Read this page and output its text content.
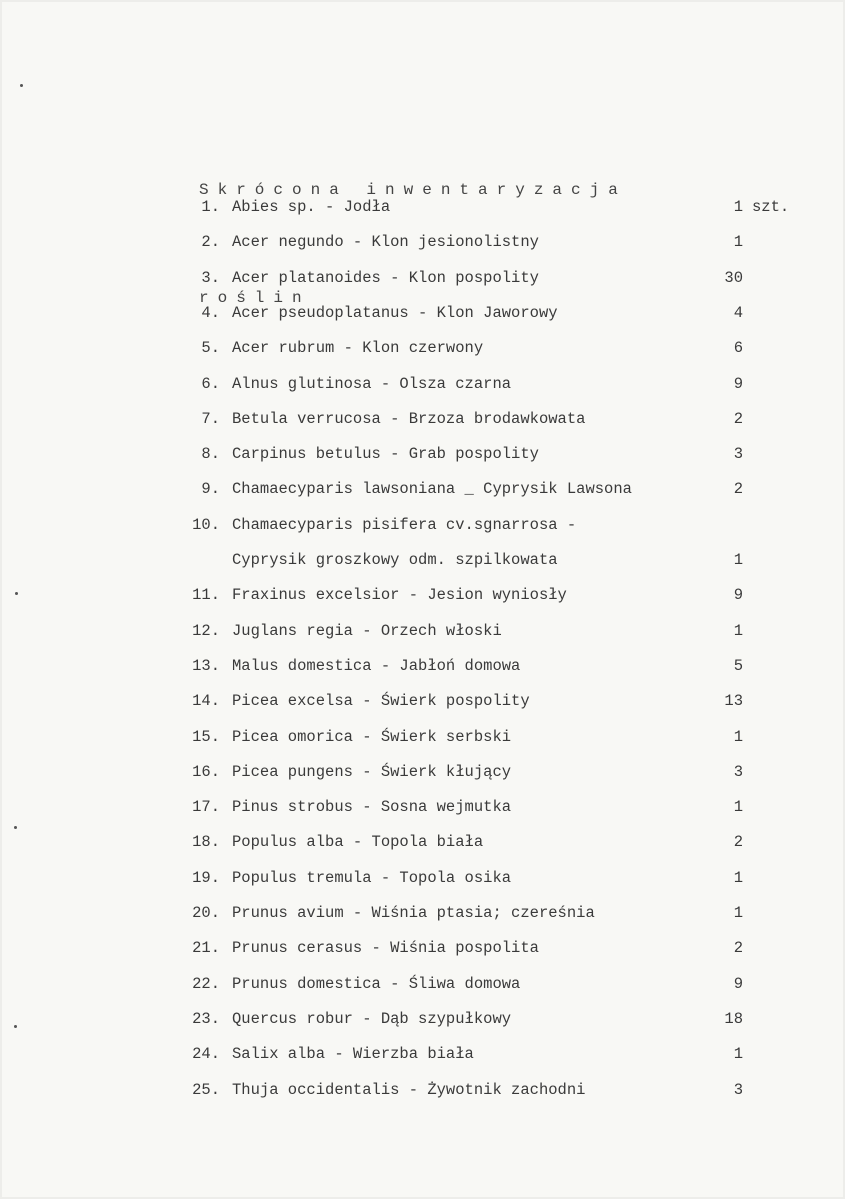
Skrócona inwentaryzacja

roślin

1. Abies sp. - Jodła	1 szt.
2. Acer negundo - Klon jesionolistny	1
3. Acer platanoides - Klon pospolity	30
4. Acer pseudoplatanus - Klon Jaworowy	4
5. Acer rubrum - Klon czerwony	6
6. Alnus glutinosa - Olsza czarna	9
7. Betula verrucosa - Brzoza brodawkowata	2
8. Carpinus betulus - Grab pospolity	3
9. Chamaecyparis lawsoniana _ Cyprysik Lawsona	2
10. Chamaecyparis pisifera cv.sgnarrosa -
Cyprysik groszkowy odm. szpilkowata	1
11. Fraxinus excelsior - Jesion wyniosły	9
12. Juglans regia - Orzech włoski	1
13. Malus domestica - Jabłoń domowa	5
14. Picea excelsa - Świerk pospolity	13
15. Picea omorica - Świerk serbski	1
16. Picea pungens - Świerk kłujący	3
17. Pinus strobus - Sosna wejmutka	1
18. Populus alba - Topola biała	2
19. Populus tremula - Topola osika	1
20. Prunus avium - Wiśnia ptasia; czereśnia	1
21. Prunus cerasus - Wiśnia pospolita	2
22. Prunus domestica - Śliwa domowa	9
23. Quercus robur - Dąb szypułkowy	18
24. Salix alba - Wierzba biała	1
25. Thuja occidentalis - Żywotnik zachodni	3
